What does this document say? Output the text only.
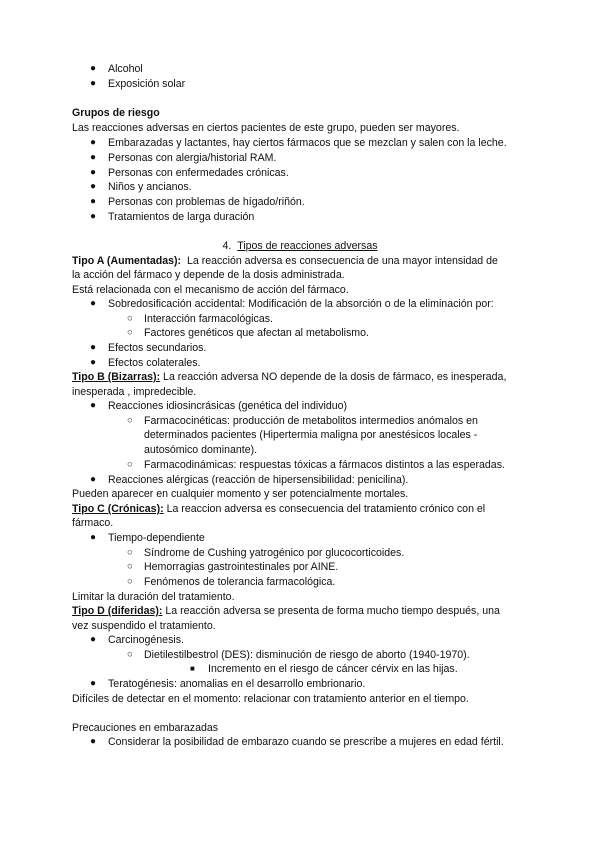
● Alcohol
● Exposición solar
Grupos de riesgo
Las reacciones adversas en ciertos pacientes de este grupo, pueden ser mayores.
● Embarazadas y lactantes, hay ciertos fármacos que se mezclan y salen con la leche.
● Personas con alergia/historial RAM.
● Personas con enfermedades crónicas.
● Niños y ancianos.
● Personas con problemas de hígado/riñón.
● Tratamientos de larga duración
4. Tipos de reacciones adversas
Tipo A (Aumentadas):  La reacción adversa es consecuencia de una mayor intensidad de
la acción del fármaco y depende de la dosis administrada.
Está relacionada con el mecanismo de acción del fármaco.
● Sobredosificación accidental: Modificación de la absorción o de la eliminación por:
○ Interacción farmacológicas.
○ Factores genéticos que afectan al metabolismo.
● Efectos secundarios.
● Efectos colaterales.
Tipo B (Bizarras): La reacción adversa NO depende de la dosis de fármaco, es inesperada,
inesperada , impredecible.
● Reacciones idiosincrásicas (genética del individuo)
○ Farmacocinéticas: producción de metabolitos intermedios anómalos en
determinados pacientes (Hipertermia maligna por anestésicos locales -
autosómico dominante).
○ Farmacodinámicas: respuestas tóxicas a fármacos distintos a las esperadas.
● Reacciones alérgicas (reacción de hipersensibilidad: penicilina).
Pueden aparecer en cualquier momento y ser potencialmente mortales.
Tipo C (Crónicas): La reaccion adversa es consecuencia del tratamiento crónico con el
fármaco.
● Tiempo-dependiente
○ Síndrome de Cushing yatrogénico por glucocorticoides.
○ Hemorragias gastrointestinales por AINE.
○ Fenómenos de tolerancia farmacológica.
Limitar la duración del tratamiento.
Tipo D (diferidas): La reacción adversa se presenta de forma mucho tiempo después, una
vez suspendido el tratamiento.
● Carcinogénesis.
○ Dietilestilbestrol (DES): disminución de riesgo de aborto (1940-1970).
■ Incremento en el riesgo de cáncer cérvix en las hijas.
● Teratogénesis: anomalias en el desarrollo embrionario.
Difíciles de detectar en el momento: relacionar con tratamiento anterior en el tiempo.
Precauciones en embarazadas
● Considerar la posibilidad de embarazo cuando se prescribe a mujeres en edad fértil.
